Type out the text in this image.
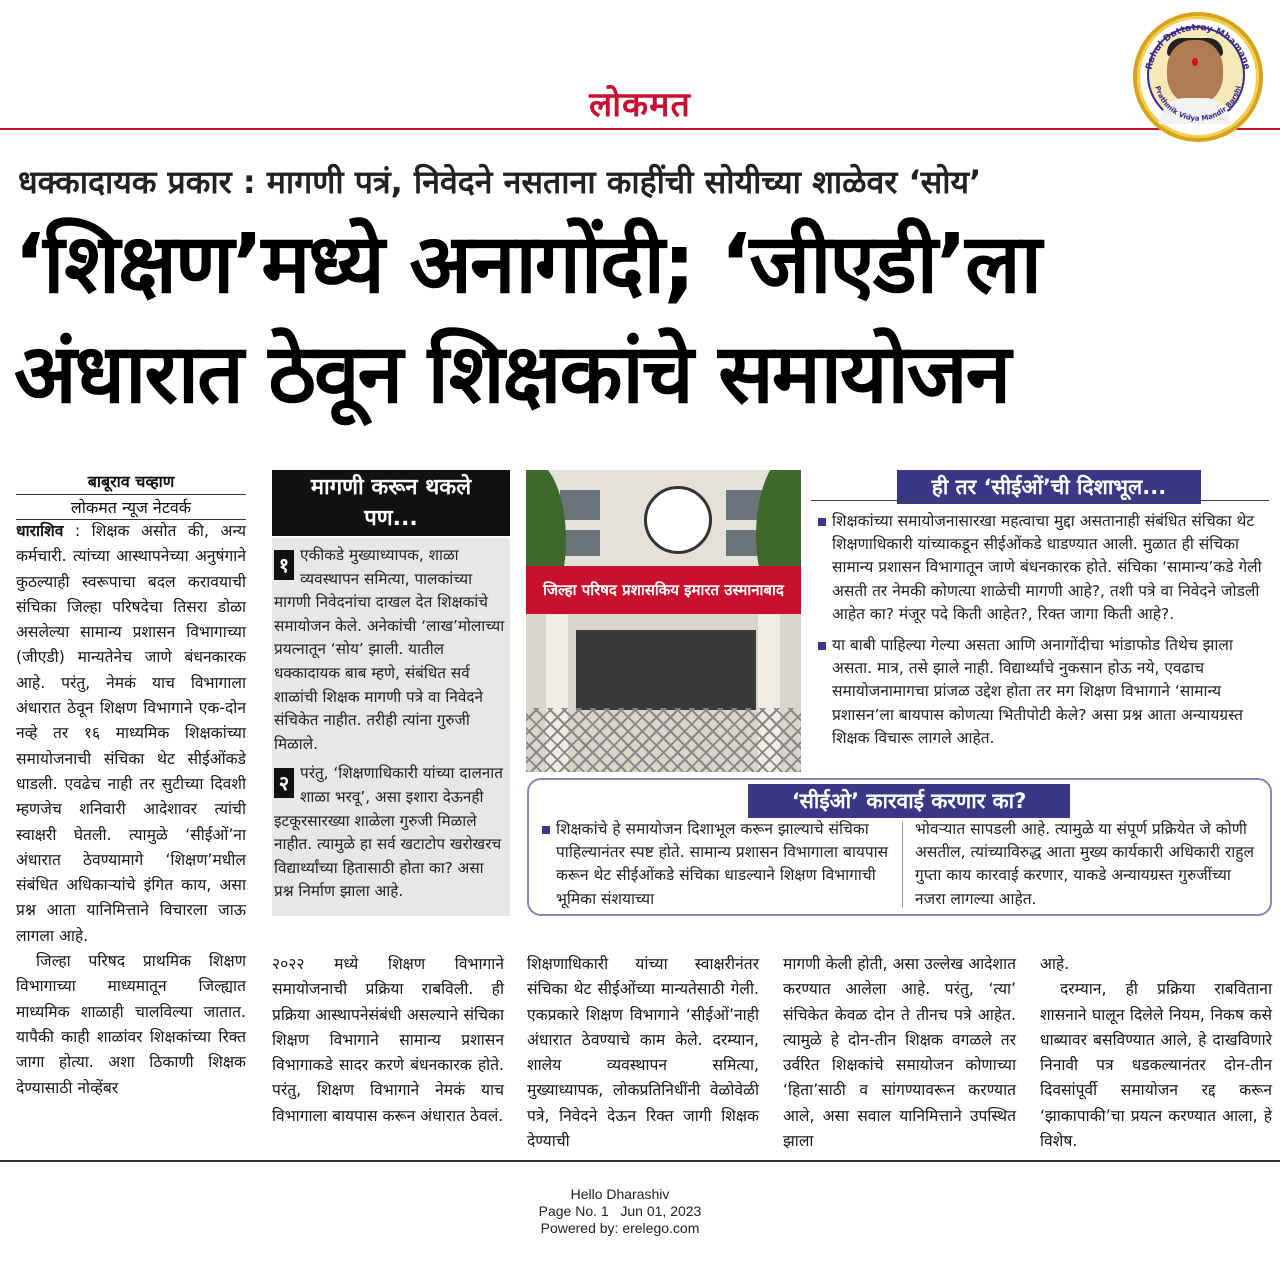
लोकमत
Rahul Dattatray Mhamane
Prathmik Vidya Mandir Barshi
धक्कादायक प्रकार : मागणी पत्रं, निवेदने नसताना काहींची सोयीच्या शाळेवर ‘सोय’
‘शिक्षण’मध्ये अनागोंदी; ‘जीएडी’ला
अंधारात ठेवून शिक्षकांचे समायोजन
बाबूराव चव्हाण
लोकमत न्यूज नेटवर्क
धाराशिव : शिक्षक असोत की, अन्य कर्मचारी. त्यांच्या आस्थापनेच्या अनुषंगाने कुठल्याही स्वरूपाचा बदल करावयाची संचिका जिल्हा परिषदेचा तिसरा डोळा असलेल्या सामान्य प्रशासन विभागाच्या (जीएडी) मान्यतेनेच जाणे बंधनकारक आहे. परंतु, नेमकं याच विभागाला अंधारात ठेवून शिक्षण विभागाने एक-दोन नव्हे तर १६ माध्यमिक शिक्षकांच्या समायोजनाची संचिका थेट सीईओंकडे धाडली. एवढेच नाही तर सुटीच्या दिवशी म्हणजेच शनिवारी आदेशावर त्यांची स्वाक्षरी घेतली. त्यामुळे ‘सीईओं’ना अंधारात ठेवण्यामागे ‘शिक्षण’मधील संबंधित अधिकाऱ्यांचे इंगित काय, असा प्रश्न आता यानिमित्ताने विचारला जाऊ लागला आहे.
जिल्हा परिषद प्राथमिक शिक्षण विभागाच्या माध्यमातून जिल्ह्यात माध्यमिक शाळाही चालविल्या जातात. यापैकी काही शाळांवर शिक्षकांच्या रिक्त जागा होत्या. अशा ठिकाणी शिक्षक देण्यासाठी नोव्हेंबर
मागणी करून थकले पण...
१ एकीकडे मुख्याध्यापक, शाळा व्यवस्थापन समित्या, पालकांच्या मागणी निवेदनांचा दाखल देत शिक्षकांचे समायोजन केले. अनेकांची ‘लाख’मोलाच्या प्रयत्नातून ‘सोय’ झाली. यातील धक्कादायक बाब म्हणे, संबंधित सर्व शाळांची शिक्षक मागणी पत्रे वा निवेदने संचिकेत नाहीत. तरीही त्यांना गुरुजी मिळाले.
२ परंतु, ‘शिक्षणाधिकारी यांच्या दालनात शाळा भरवू’, असा इशारा देऊनही इटकूरसारख्या शाळेला गुरुजी मिळाले नाहीत. त्यामुळे हा सर्व खटाटोप खरोखरच विद्यार्थ्यांच्या हितासाठी होता का? असा प्रश्न निर्माण झाला आहे.
जिल्हा परिषद प्रशासकिय इमारत उस्मानाबाद
ही तर ‘सीईओं’ची दिशाभूल...
शिक्षकांच्या समायोजनासारखा महत्वाचा मुद्दा असतानाही संबंधित संचिका थेट शिक्षणाधिकारी यांच्याकडून सीईओंकडे धाडण्यात आली. मुळात ही संचिका सामान्य प्रशासन विभागातून जाणे बंधनकारक होते. संचिका ‘सामान्य’कडे गेली असती तर नेमकी कोणत्या शाळेची मागणी आहे?, तशी पत्रे वा निवेदने जोडली आहेत का? मंजूर पदे किती आहेत?, रिक्त जागा किती आहे?.
या बाबी पाहिल्या गेल्या असता आणि अनागोंदीचा भांडाफोड तिथेच झाला असता. मात्र, तसे झाले नाही. विद्यार्थ्यांचे नुकसान होऊ नये, एवढाच समायोजनामागचा प्रांजळ उद्देश होता तर मग शिक्षण विभागाने ‘सामान्य प्रशासन’ला बायपास कोणत्या भितीपोटी केले? असा प्रश्न आता अन्यायग्रस्त शिक्षक विचारू लागले आहेत.
‘सीईओ’ कारवाई करणार का?
शिक्षकांचे हे समायोजन दिशाभूल करून झाल्याचे संचिका पाहिल्यानंतर स्पष्ट होते. सामान्य प्रशासन विभागाला बायपास करून थेट सीईओंकडे संचिका धाडल्याने शिक्षण विभागाची भूमिका संशयाच्या
भोवऱ्यात सापडली आहे. त्यामुळे या संपूर्ण प्रक्रियेत जे कोणी असतील, त्यांच्याविरुद्ध आता मुख्य कार्यकारी अधिकारी राहुल गुप्ता काय कारवाई करणार, याकडे अन्यायग्रस्त गुरुजींच्या नजरा लागल्या आहेत.
२०२२ मध्ये शिक्षण विभागाने समायोजनाची प्रक्रिया राबविली. ही प्रक्रिया आस्थापनेसंबंधी असल्याने संचिका शिक्षण विभागाने सामान्य प्रशासन विभागाकडे सादर करणे बंधनकारक होते. परंतु, शिक्षण विभागाने नेमकं याच विभागाला बायपास करून अंधारात ठेवलं.
शिक्षणाधिकारी यांच्या स्वाक्षरीनंतर संचिका थेट सीईओंच्या मान्यतेसाठी गेली. एकप्रकारे शिक्षण विभागाने ‘सीईओं’नाही अंधारात ठेवण्याचे काम केले. दरम्यान, शालेय व्यवस्थापन समित्या, मुख्याध्यापक, लोकप्रतिनिधींनी वेळोवेळी पत्रे, निवेदने देऊन रिक्त जागी शिक्षक देण्याची
मागणी केली होती, असा उल्लेख आदेशात करण्यात आलेला आहे. परंतु, ‘त्या’ संचिकेत केवळ दोन ते तीनच पत्रे आहेत. त्यामुळे हे दोन-तीन शिक्षक वगळले तर उर्वरित शिक्षकांचे समायोजन कोणाच्या ‘हिता’साठी व सांगण्यावरून करण्यात आले, असा सवाल यानिमित्ताने उपस्थित झाला
आहे.
दरम्यान, ही प्रक्रिया राबविताना शासनाने घालून दिलेले नियम, निकष कसे धाब्यावर बसविण्यात आले, हे दाखविणारे निनावी पत्र धडकल्यानंतर दोन-तीन दिवसांपूर्वी समायोजन रद्द करून ‘झाकापाकी’चा प्रयत्न करण्यात आला, हे विशेष.
Hello Dharashiv
Page No. 1 Jun 01, 2023
Powered by: erelego.com
